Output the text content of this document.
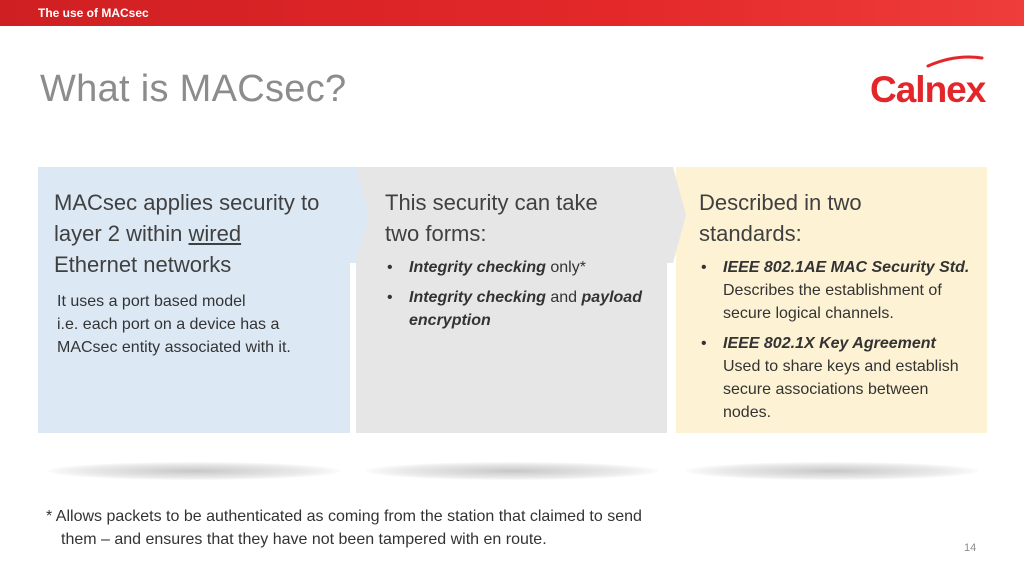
The use of MACsec
What is MACsec?	Calnex
MACsec applies security to layer 2 within wired Ethernet networks
It uses a port based model
i.e. each port on a device has a
MACsec entity associated with it.
This security can take two forms:
• Integrity checking only*
• Integrity checking and payload encryption
Described in two standards:
• IEEE 802.1AE MAC Security Std.
Describes the establishment of secure logical channels.
• IEEE 802.1X Key Agreement
Used to share keys and establish secure associations between nodes.
* Allows packets to be authenticated as coming from the station that claimed to send
them – and ensures that they have not been tampered with en route.	14
